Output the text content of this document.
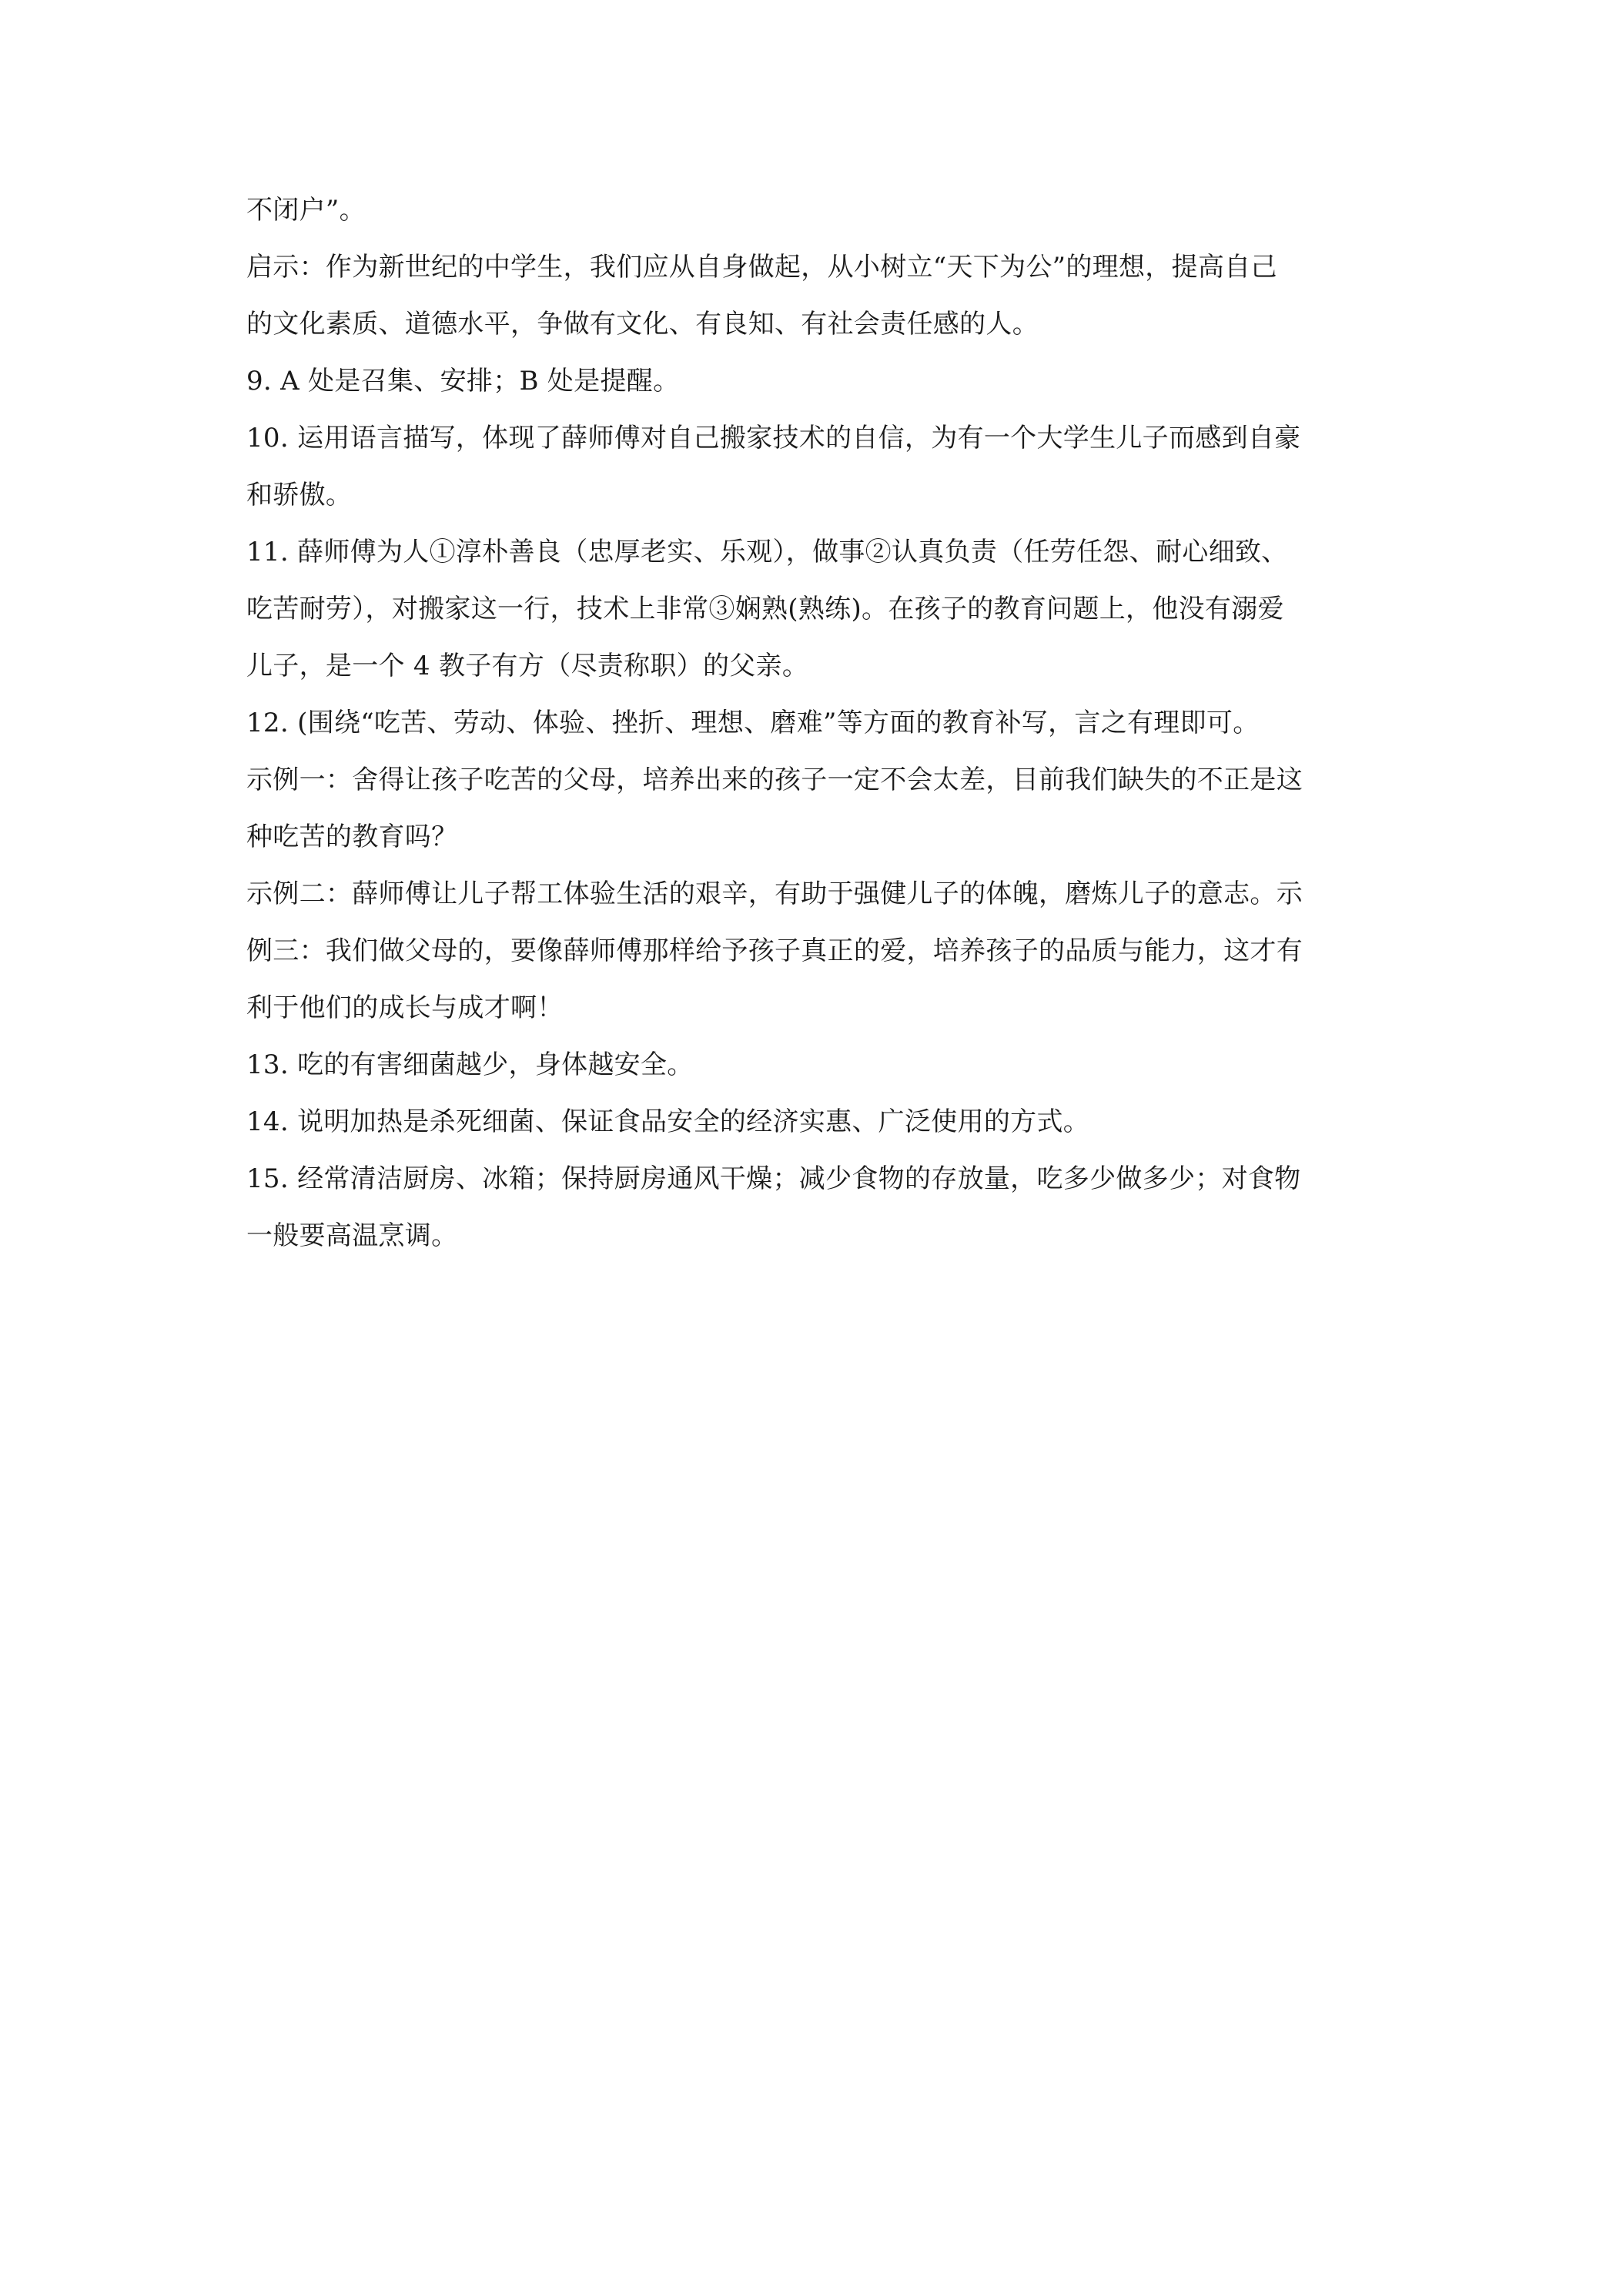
不闭户”。
启示：作为新世纪的中学生，我们应从自身做起，从小树立“天下为公”的理想，提高自己
的文化素质、道德水平，争做有文化、有良知、有社会责任感的人。
9. A 处是召集、安排；B 处是提醒。
10. 运用语言描写，体现了薛师傅对自己搬家技术的自信，为有一个大学生儿子而感到自豪
和骄傲。
11. 薛师傅为人①淳朴善良（忠厚老实、乐观），做事②认真负责（任劳任怨、耐心细致、
吃苦耐劳），对搬家这一行，技术上非常③娴熟(熟练)。在孩子的教育问题上，他没有溺爱
儿子，是一个 4 教子有方（尽责称职）的父亲。
12. (围绕“吃苦、劳动、体验、挫折、理想、磨难”等方面的教育补写，言之有理即可。
示例一：舍得让孩子吃苦的父母，培养出来的孩子一定不会太差，目前我们缺失的不正是这
种吃苦的教育吗？
示例二：薛师傅让儿子帮工体验生活的艰辛，有助于强健儿子的体魄，磨炼儿子的意志。示
例三：我们做父母的，要像薛师傅那样给予孩子真正的爱，培养孩子的品质与能力，这才有
利于他们的成长与成才啊！
13. 吃的有害细菌越少，身体越安全。
14. 说明加热是杀死细菌、保证食品安全的经济实惠、广泛使用的方式。
15. 经常清洁厨房、冰箱；保持厨房通风干燥；减少食物的存放量，吃多少做多少；对食物
一般要高温烹调。
